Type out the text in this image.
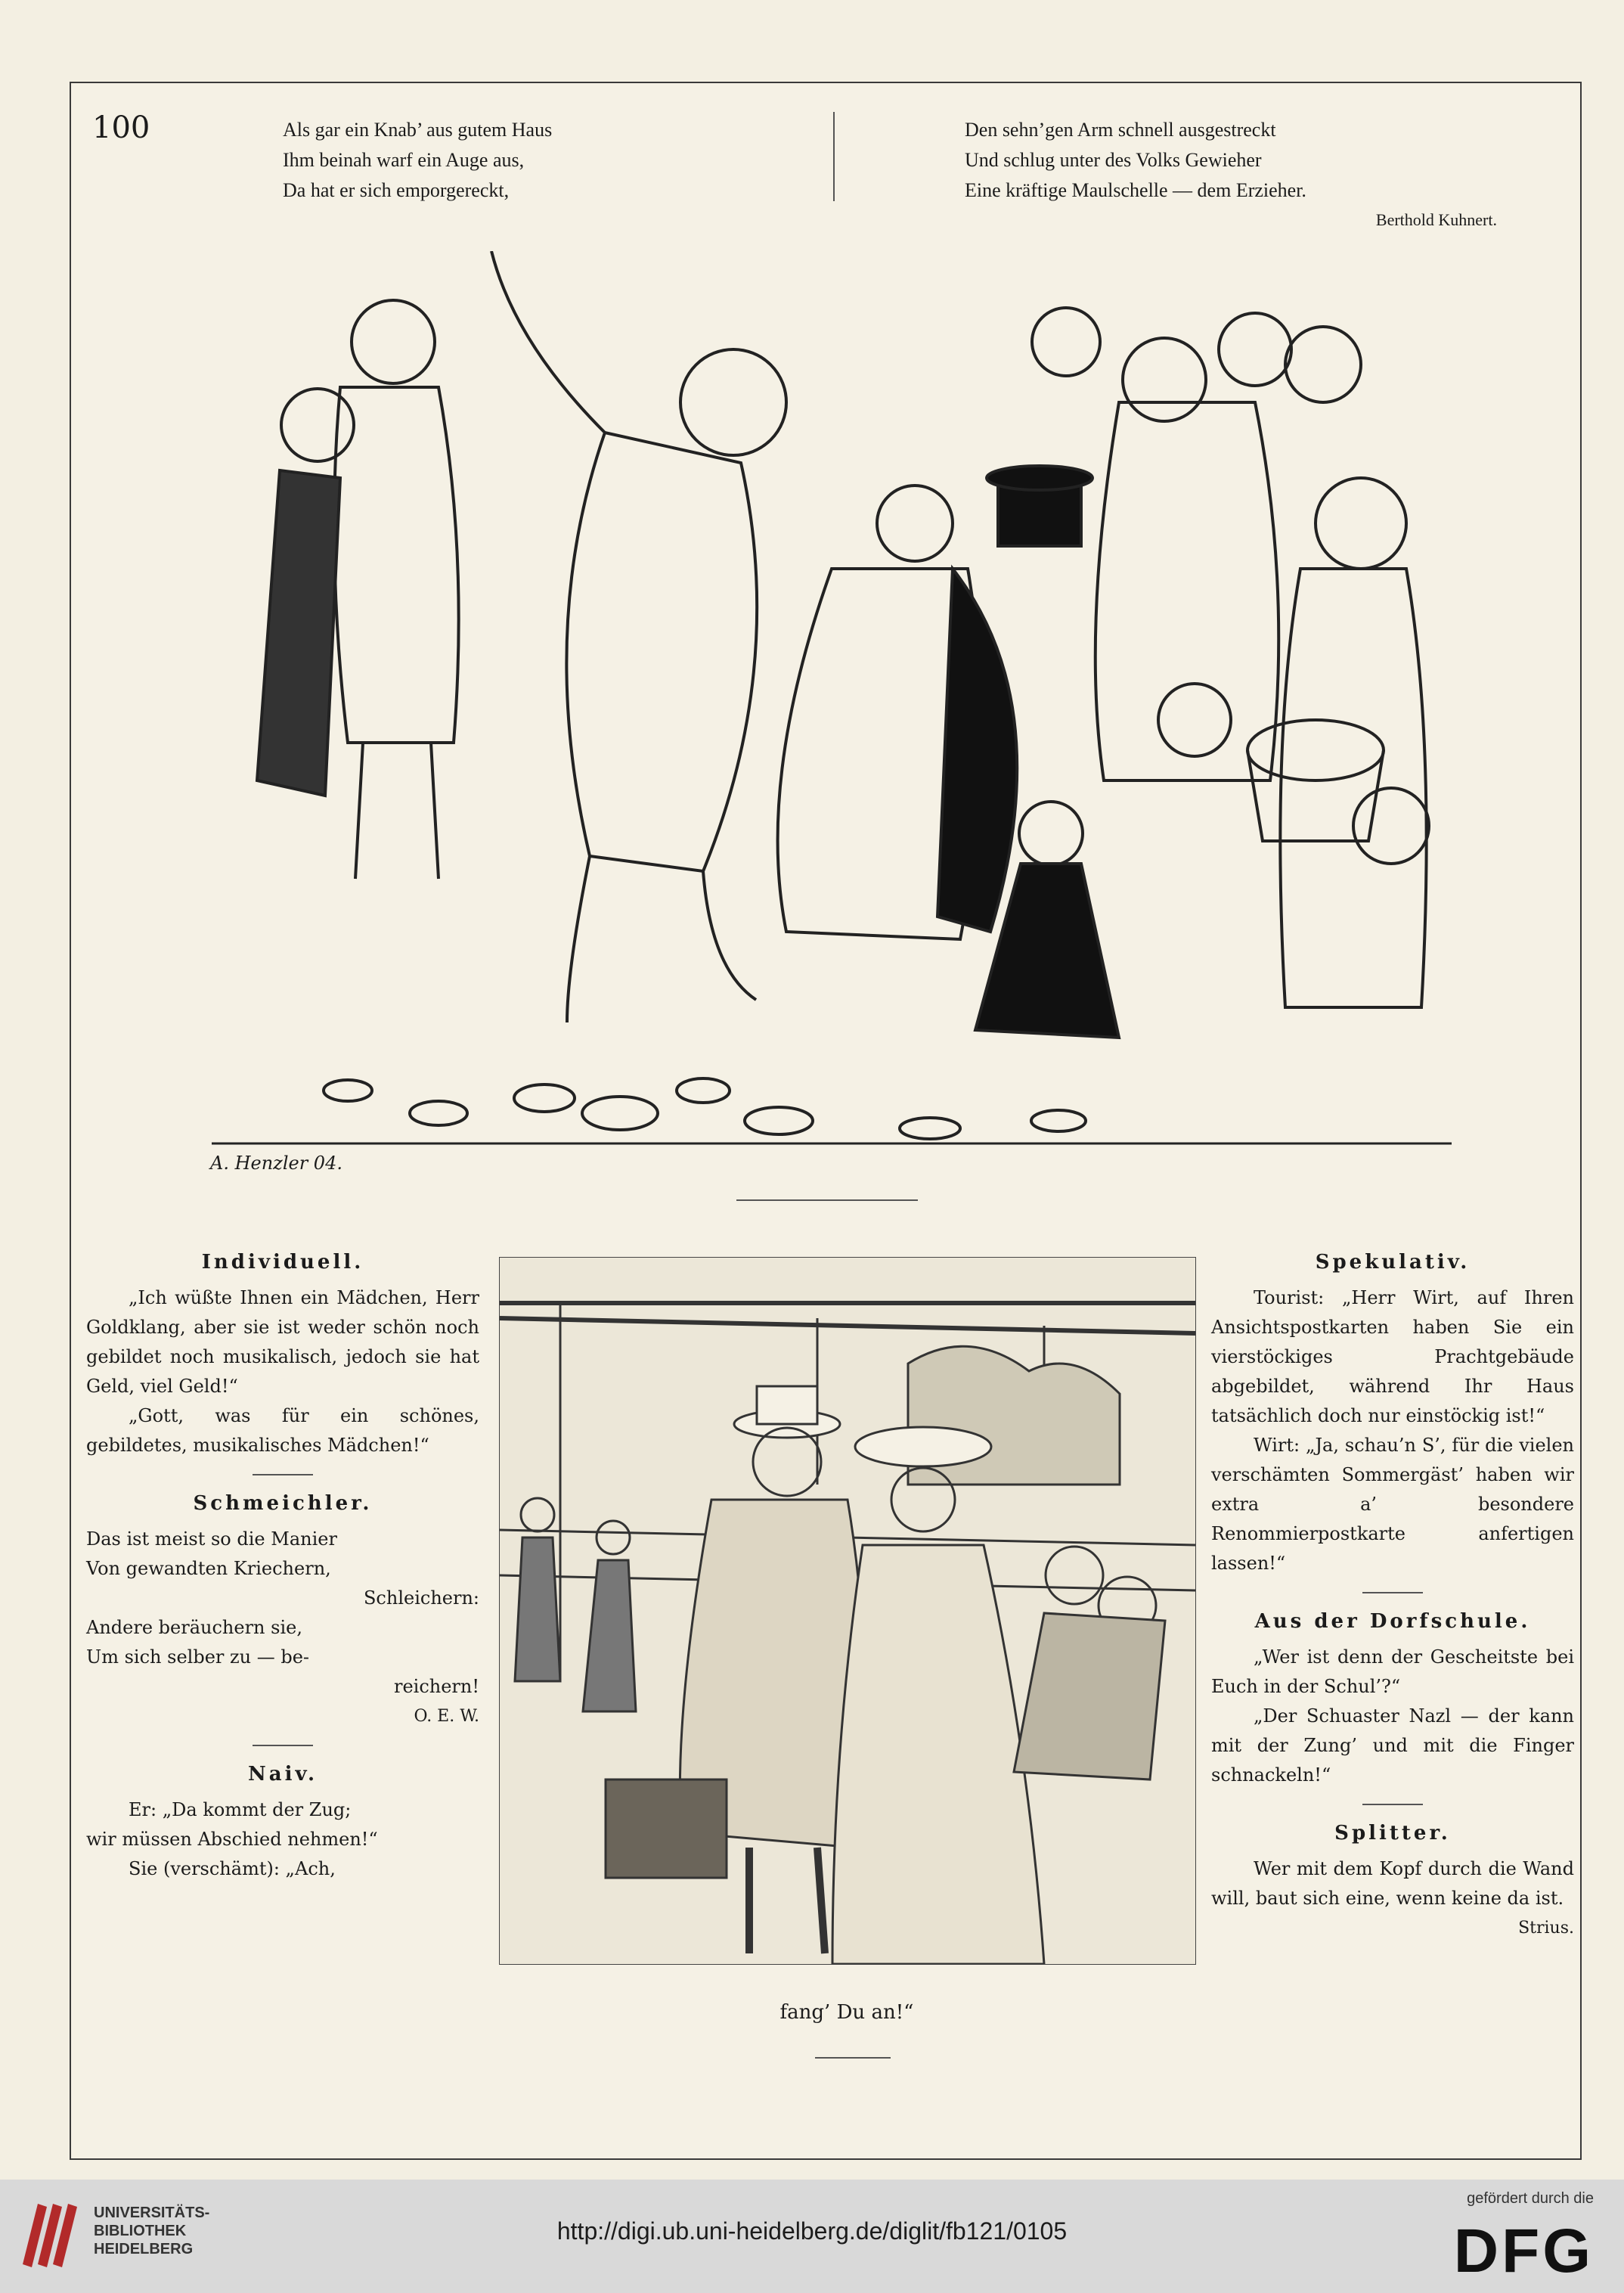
100	Als gar ein Knab’ aus gutem Haus
Ihm beinah warf ein Auge aus,
Da hat er sich emporgereckt,
Den sehn’gen Arm schnell ausgestreckt
Und schlug unter des Volks Gewieher
Eine kräftige Maulschelle — dem Erzieher.
Berthold Kuhnert.
A. Henzler 04.
Individuell.
„Ich wüßte Ihnen ein Mädchen, Herr Goldklang, aber sie ist weder schön noch gebildet noch musikalisch, jedoch sie hat Geld, viel Geld!“
„Gott, was für ein schönes, gebildetes, musikalisches Mädchen!“
Schmeichler.
Das ist meist so die Manier
Von gewandten Kriechern,
Schleichern:
Andere beräuchern sie,
Um sich selber zu — be-
reichern!
O. E. W.
Naiv.
Er: „Da kommt der Zug;
wir müssen Abschied nehmen!“
Sie (verschämt): „Ach,
fang’ Du an!“
Spekulativ.
Tourist: „Herr Wirt, auf Ihren Ansichtspostkarten haben Sie ein vierstöckiges Prachtgebäude abgebildet, während Ihr Haus tatsächlich doch nur einstöckig ist!“
Wirt: „Ja, schau’n S’, für die vielen verschämten Sommergäst’ haben wir extra a’ besondere Renommierpostkarte anfertigen lassen!“
Aus der Dorfschule.
„Wer ist denn der Gescheitste bei Euch in der Schul’?“
„Der Schuaster Nazl — der kann mit der Zung’ und mit die Finger schnackeln!“
Splitter.
Wer mit dem Kopf durch die Wand will, baut sich eine, wenn keine da ist.
Strius.
UNIVERSITÄTS-
BIBLIOTHEK
HEIDELBERG
http://digi.ub.uni-heidelberg.de/diglit/fb121/0105
gefördert durch die
DFG
